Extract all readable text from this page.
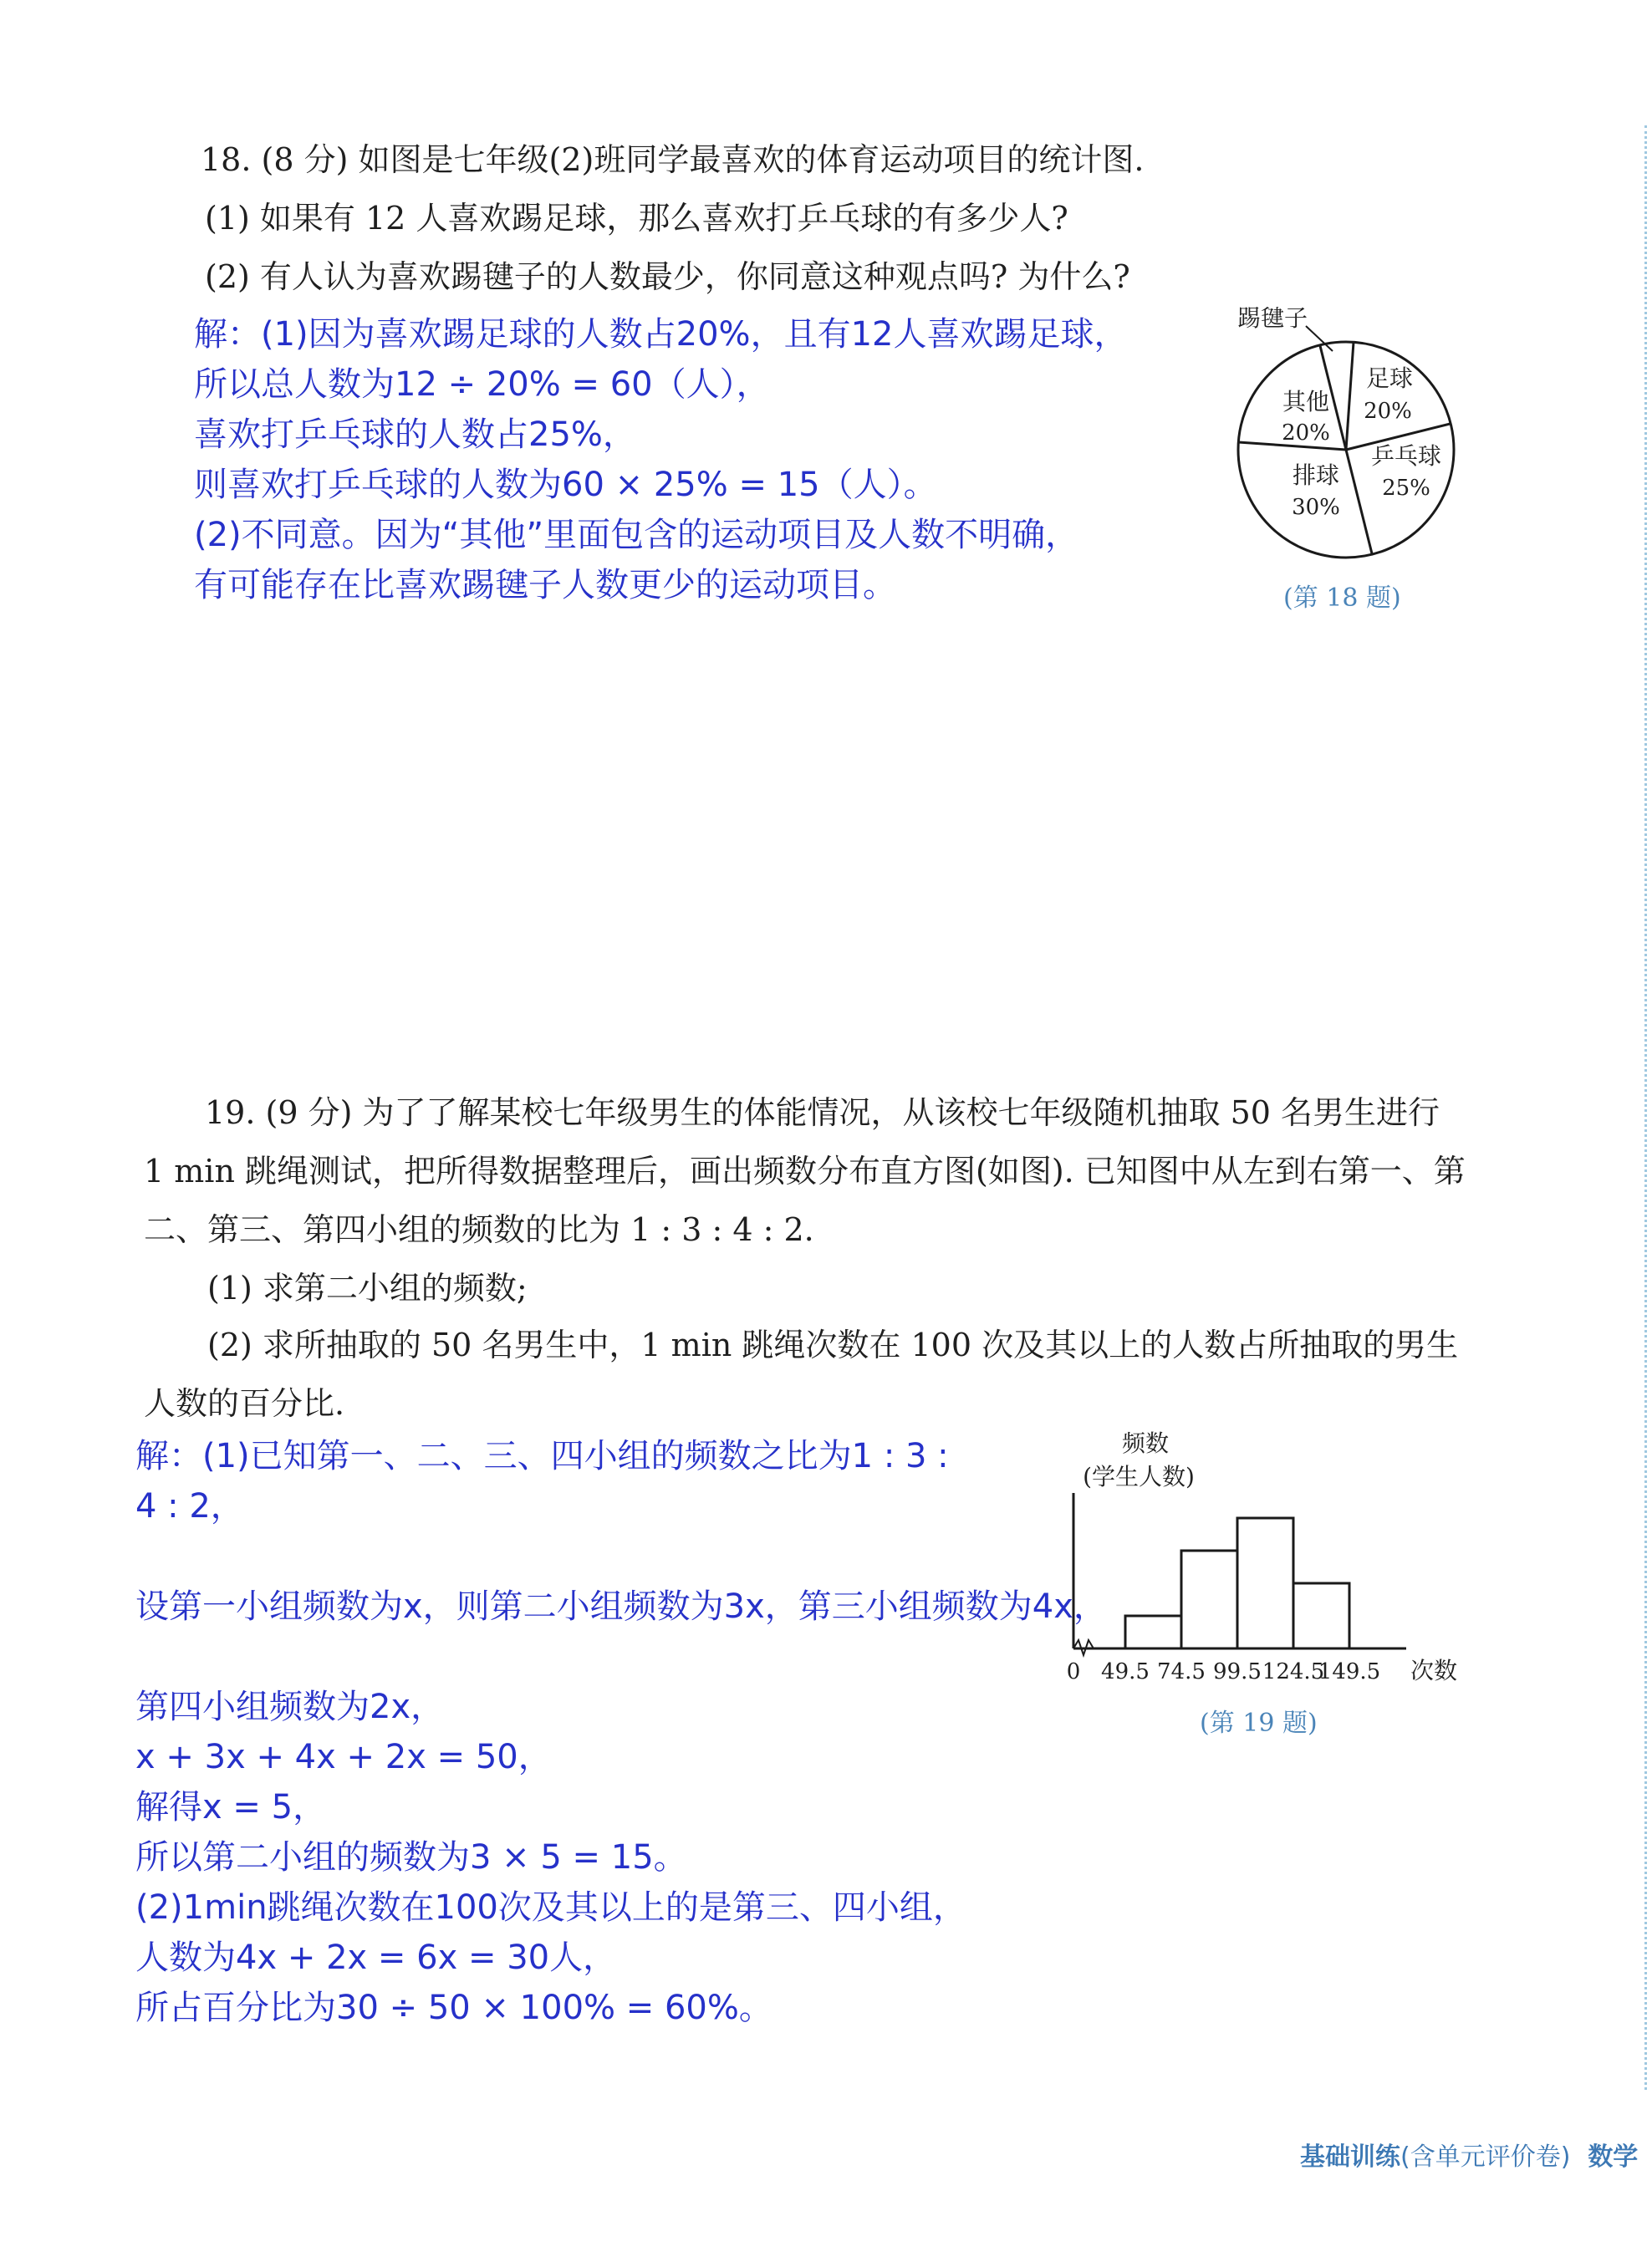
18. (8 分) 如图是七年级(2)班同学最喜欢的体育运动项目的统计图.
(1) 如果有 12 人喜欢踢足球，那么喜欢打乒乓球的有多少人?
(2) 有人认为喜欢踢毽子的人数最少，你同意这种观点吗? 为什么?
解：(1)因为喜欢踢足球的人数占20%，且有12人喜欢踢足球，
所以总人数为12 ÷ 20% = 60（人），
喜欢打乒乓球的人数占25%，
则喜欢打乒乓球的人数为60 × 25% = 15（人）。
(2)不同意。因为“其他”里面包含的运动项目及人数不明确，
有可能存在比喜欢踢毽子人数更少的运动项目。
足球
20%
乒乓球
25%
排球
30%
其他
20%
踢毽子
(第 18 题)
19. (9 分) 为了了解某校七年级男生的体能情况，从该校七年级随机抽取 50 名男生进行
1 min 跳绳测试，把所得数据整理后，画出频数分布直方图(如图). 已知图中从左到右第一、第
二、第三、第四小组的频数的比为 1 : 3 : 4 : 2.
(1) 求第二小组的频数;
(2) 求所抽取的 50 名男生中，1 min 跳绳次数在 100 次及其以上的人数占所抽取的男生
人数的百分比.
解：(1)已知第一、二、三、四小组的频数之比为1 : 3 :
4 : 2，
设第一小组频数为x，则第二小组频数为3x，第三小组频数为4x，
第四小组频数为2x，
x + 3x + 4x + 2x = 50，
解得x = 5，
所以第二小组的频数为3 × 5 = 15。
(2)1min跳绳次数在100次及其以上的是第三、四小组，
人数为4x + 2x = 6x = 30人，
所占百分比为30 ÷ 50 × 100% = 60%。
频数
(学生人数)
49.5 74.5 99.5 124.5
149.5
0	次数
(第 19 题)
基础训练(含单元评价卷) 数学
